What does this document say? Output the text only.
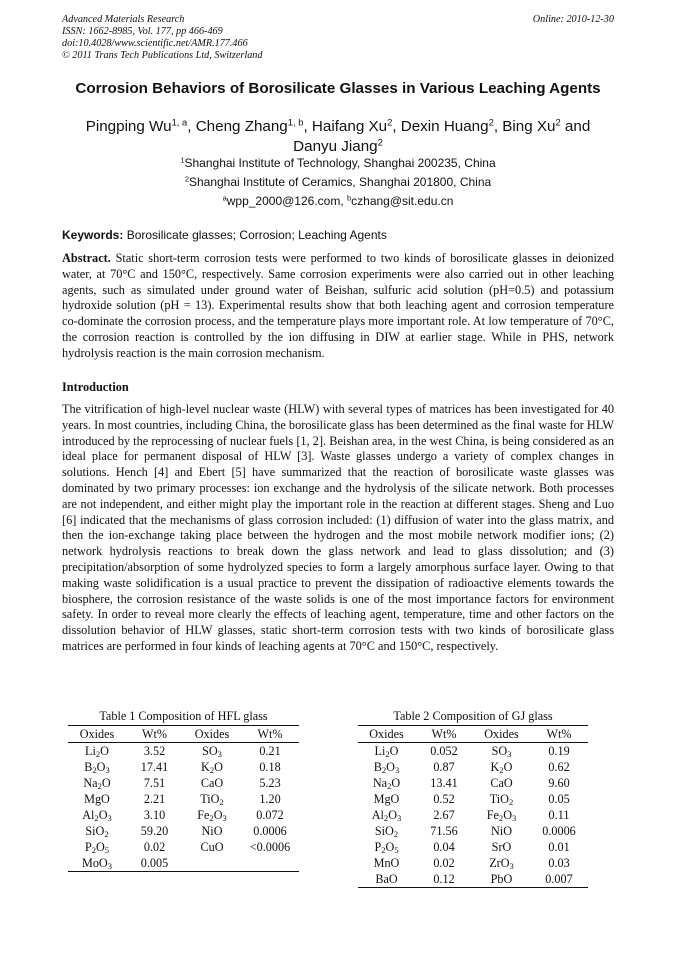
Advanced Materials Research
ISSN: 1662-8985, Vol. 177, pp 466-469
doi:10.4028/www.scientific.net/AMR.177.466
© 2011 Trans Tech Publications Ltd, Switzerland
Online: 2010-12-30
Corrosion Behaviors of Borosilicate Glasses in Various Leaching Agents
Pingping Wu$^{1, a}$, Cheng Zhang$^{1, b}$, Haifang Xu$^2$, Dexin Huang$^2$, Bing Xu$^2$ and Danyu Jiang$^2$
$^1$Shanghai Institute of Technology, Shanghai 200235, China
$^2$Shanghai Institute of Ceramics, Shanghai 201800, China
$^a$wpp_2000@126.com, $^b$czhang@sit.edu.cn
Keywords: Borosilicate glasses; Corrosion; Leaching Agents
Abstract. Static short-term corrosion tests were performed to two kinds of borosilicate glasses in deionized water, at 70°C and 150°C, respectively. Same corrosion experiments were also carried out in other leaching agents, such as simulated under ground water of Beishan, sulfuric acid solution (pH=0.5) and potassium hydroxide solution (pH = 13). Experimental results show that both leaching agent and corrosion temperature co-dominate the corrosion process, and the temperature plays more important role. At low temperature of 70°C, the corrosion reaction is controlled by the ion diffusing in DIW at earlier stage. While in PHS, network hydrolysis reaction is the main corrosion mechanism.
Introduction
The vitrification of high-level nuclear waste (HLW) with several types of matrices has been investigated for 40 years. In most countries, including China, the borosilicate glass has been determined as the final waste for HLW introduced by the reprocessing of nuclear fuels [1, 2]. Beishan area, in the west China, is being considered as an ideal place for permanent disposal of HLW [3]. Waste glasses undergo a variety of complex changes in solutions. Hench [4] and Ebert [5] have summarized that the reaction of borosilicate waste glasses was dominated by two primary processes: ion exchange and the hydrolysis of the silicate network. Both processes are not independent, and either might play the important role in the reaction at different stages. Sheng and Luo [6] indicated that the mechanisms of glass corrosion included: (1) diffusion of water into the glass matrix, and then the ion-exchange taking place between the hydrogen and the most mobile network modifier ions; (2) network hydrolysis reactions to break down the glass network and lead to glass dissolution; and (3) precipitation/absorption of some hydrolyzed species to form a largely amorphous surface layer. Owing to that making waste solidification is a usual practice to prevent the dissipation of radioactive elements towards the biosphere, the corrosion resistance of the waste solids is one of the most importance factors for environment safety. In order to reveal more clearly the effects of leaching agent, temperature, time and other factors on the dissolution behavior of HLW glasses, static short-term corrosion tests with two kinds of borosilicate glass matrices are performed in four kinds of leaching agents at 70°C and 150°C, respectively.
Table 1 Composition of HFL glass
Oxides	Wt%	Oxides	Wt%
$Li_2O$	3.52	$SO_3$	0.21
$B_2O_3$	17.41	$K_2O$	0.18
$Na_2O$	7.51	CaO	5.23
MgO	2.21	TiO$_2$	1.20
$Al_2O_3$	3.10	$Fe_2O_3$	0.072
SiO$_2$	59.20	NiO	0.0006
$P_2O_5$	0.02	CuO	<0.0006
MoO$_3$	0.005		
Table 2 Composition of GJ glass
Oxides	Wt%	Oxides	Wt%
$Li_2O$	0.052	$SO_3$	0.19
$B_2O_3$	0.87	$K_2O$	0.62
$Na_2O$	13.41	CaO	9.60
MgO	0.52	TiO$_2$	0.05
$Al_2O_3$	2.67	$Fe_2O_3$	0.11
SiO$_2$	71.56	NiO	0.0006
$P_2O_5$	0.04	SrO	0.01
MnO	0.02	ZrO$_3$	0.03
BaO	0.12	PbO	0.007
